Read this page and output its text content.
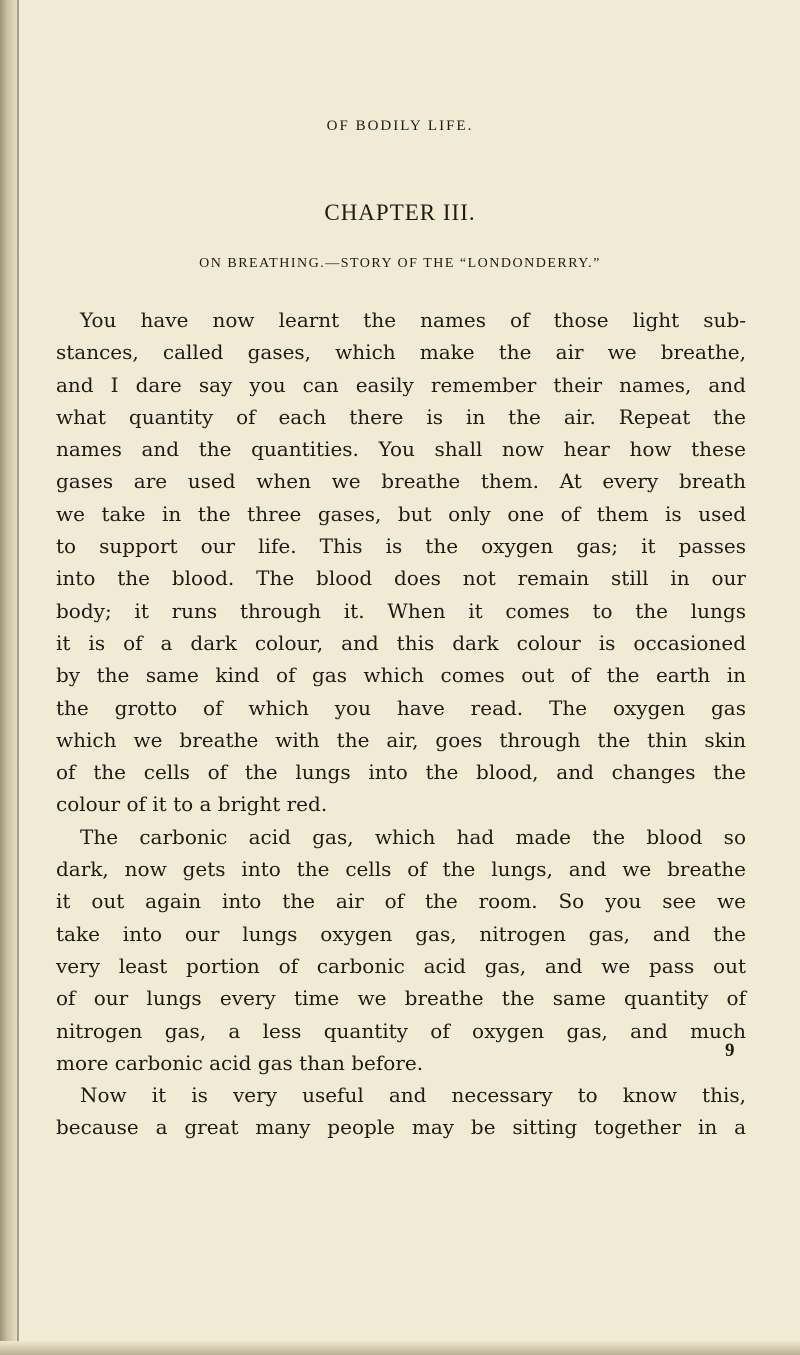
OF BODILY LIFE.
CHAPTER III.
ON BREATHING.—STORY OF THE “LONDONDERRY.”
You have now learnt the names of those light sub-
stances, called gases, which make the air we breathe,
and I dare say you can easily remember their names, and
what quantity of each there is in the air. Repeat the
names and the quantities. You shall now hear how these
gases are used when we breathe them. At every breath
we take in the three gases, but only one of them is used
to support our life. This is the oxygen gas; it passes
into the blood. The blood does not remain still in our
body; it runs through it. When it comes to the lungs
it is of a dark colour, and this dark colour is occasioned
by the same kind of gas which comes out of the earth in
the grotto of which you have read. The oxygen gas
which we breathe with the air, goes through the thin skin
of the cells of the lungs into the blood, and changes the
colour of it to a bright red.
The carbonic acid gas, which had made the blood so
dark, now gets into the cells of the lungs, and we breathe
it out again into the air of the room. So you see we
take into our lungs oxygen gas, nitrogen gas, and the
very least portion of carbonic acid gas, and we pass out
of our lungs every time we breathe the same quantity of
nitrogen gas, a less quantity of oxygen gas, and much
more carbonic acid gas than before.
Now it is very useful and necessary to know this,
because a great many people may be sitting together in a
9
